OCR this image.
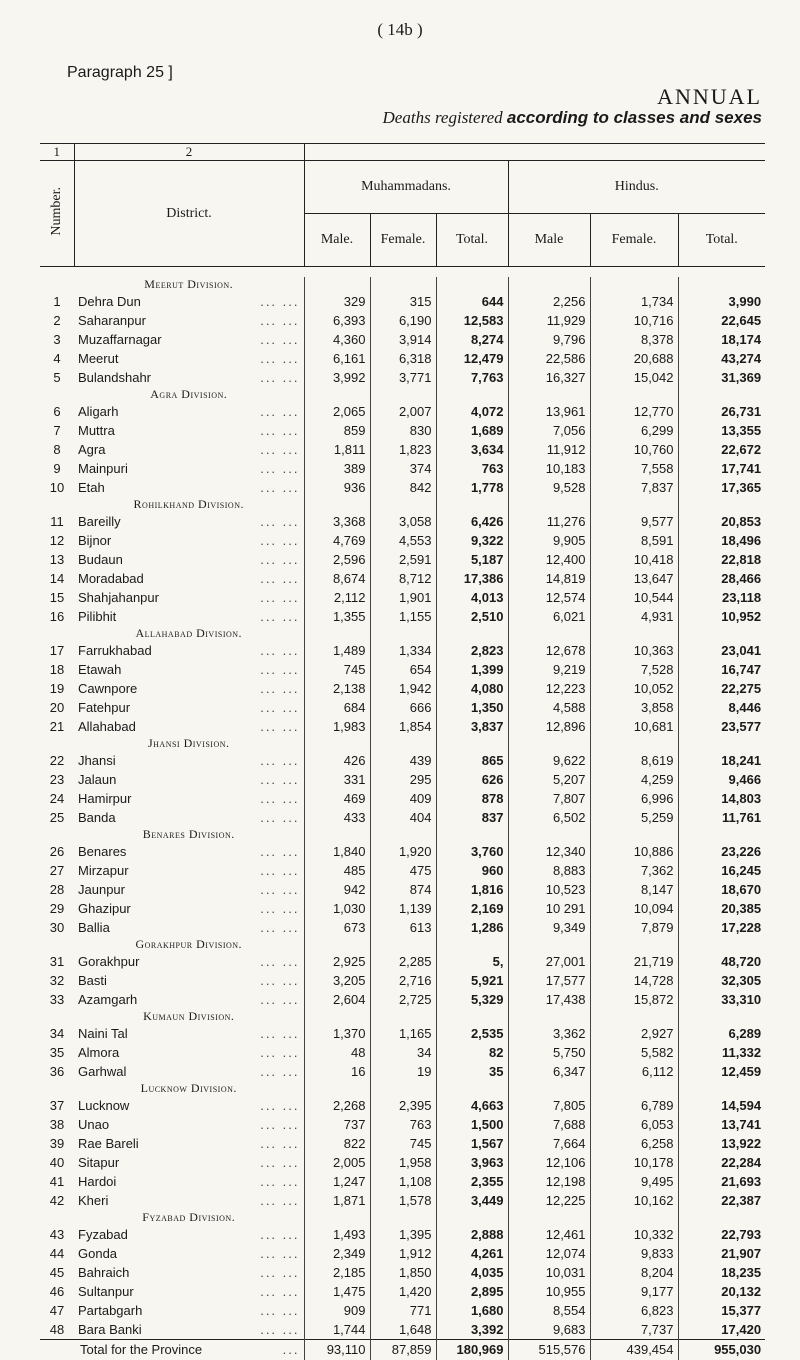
( 14b )
Paragraph 25 ]
ANNUAL
Deaths registered according to classes and sexes
1	2						
Number.	District.	Muhammadans.			Hindus.		
		Male.	Female.	Total.	Male	Female.	Total.

	Meerut Division.						
1	Dehra Dun ... ...	329	315	644	2,256	1,734	3,990
2	Saharanpur ... ...	6,393	6,190	12,583	11,929	10,716	22,645
3	Muzaffarnagar ... ...	4,360	3,914	8,274	9,796	8,378	18,174
4	Meerut ... ...	6,161	6,318	12,479	22,586	20,688	43,274
5	Bulandshahr ... ...	3,992	3,771	7,763	16,327	15,042	31,369
	Agra Division.						
6	Aligarh ... ...	2,065	2,007	4,072	13,961	12,770	26,731
7	Muttra ... ...	859	830	1,689	7,056	6,299	13,355
8	Agra ... ...	1,811	1,823	3,634	11,912	10,760	22,672
9	Mainpuri ... ...	389	374	763	10,183	7,558	17,741
10	Etah ... ...	936	842	1,778	9,528	7,837	17,365
	Rohilkhand Division.						
11	Bareilly ... ...	3,368	3,058	6,426	11,276	9,577	20,853
12	Bijnor ... ...	4,769	4,553	9,322	9,905	8,591	18,496
13	Budaun ... ...	2,596	2,591	5,187	12,400	10,418	22,818
14	Moradabad ... ...	8,674	8,712	17,386	14,819	13,647	28,466
15	Shahjahanpur ... ...	2,112	1,901	4,013	12,574	10,544	23,118
16	Pilibhit ... ...	1,355	1,155	2,510	6,021	4,931	10,952
	Allahabad Division.						
17	Farrukhabad ... ...	1,489	1,334	2,823	12,678	10,363	23,041
18	Etawah ... ...	745	654	1,399	9,219	7,528	16,747
19	Cawnpore ... ...	2,138	1,942	4,080	12,223	10,052	22,275
20	Fatehpur ... ...	684	666	1,350	4,588	3,858	8,446
21	Allahabad ... ...	1,983	1,854	3,837	12,896	10,681	23,577
	Jhansi Division.						
22	Jhansi ... ...	426	439	865	9,622	8,619	18,241
23	Jalaun ... ...	331	295	626	5,207	4,259	9,466
24	Hamirpur ... ...	469	409	878	7,807	6,996	14,803
25	Banda ... ...	433	404	837	6,502	5,259	11,761
	Benares Division.						
26	Benares ... ...	1,840	1,920	3,760	12,340	10,886	23,226
27	Mirzapur ... ...	485	475	960	8,883	7,362	16,245
28	Jaunpur ... ...	942	874	1,816	10,523	8,147	18,670
29	Ghazipur ... ...	1,030	1,139	2,169	10 291	10,094	20,385
30	Ballia ... ...	673	613	1,286	9,349	7,879	17,228
	Gorakhpur Division.						
31	Gorakhpur ... ...	2,925	2,285	5,	27,001	21,719	48,720
32	Basti ... ...	3,205	2,716	5,921	17,577	14,728	32,305
33	Azamgarh ... ...	2,604	2,725	5,329	17,438	15,872	33,310
	Kumaun Division.						
34	Naini Tal ... ...	1,370	1,165	2,535	3,362	2,927	6,289
35	Almora ... ...	48	34	82	5,750	5,582	11,332
36	Garhwal ... ...	16	19	35	6,347	6,112	12,459
	Lucknow Division.						
37	Lucknow ... ...	2,268	2,395	4,663	7,805	6,789	14,594
38	Unao ... ...	737	763	1,500	7,688	6,053	13,741
39	Rae Bareli ... ...	822	745	1,567	7,664	6,258	13,922
40	Sitapur ... ...	2,005	1,958	3,963	12,106	10,178	22,284
41	Hardoi ... ...	1,247	1,108	2,355	12,198	9,495	21,693
42	Kheri ... ...	1,871	1,578	3,449	12,225	10,162	22,387
	Fyzabad Division.						
43	Fyzabad ... ...	1,493	1,395	2,888	12,461	10,332	22,793
44	Gonda ... ...	2,349	1,912	4,261	12,074	9,833	21,907
45	Bahraich ... ...	2,185	1,850	4,035	10,031	8,204	18,235
46	Sultanpur ... ...	1,475	1,420	2,895	10,955	9,177	20,132
47	Partabgarh ... ...	909	771	1,680	8,554	6,823	15,377
48	Bara Banki ... ...	1,744	1,648	3,392	9,683	7,737	17,420
Total for the Province ...		93,110	87,859	180,969	515,576	439,454	955,030
